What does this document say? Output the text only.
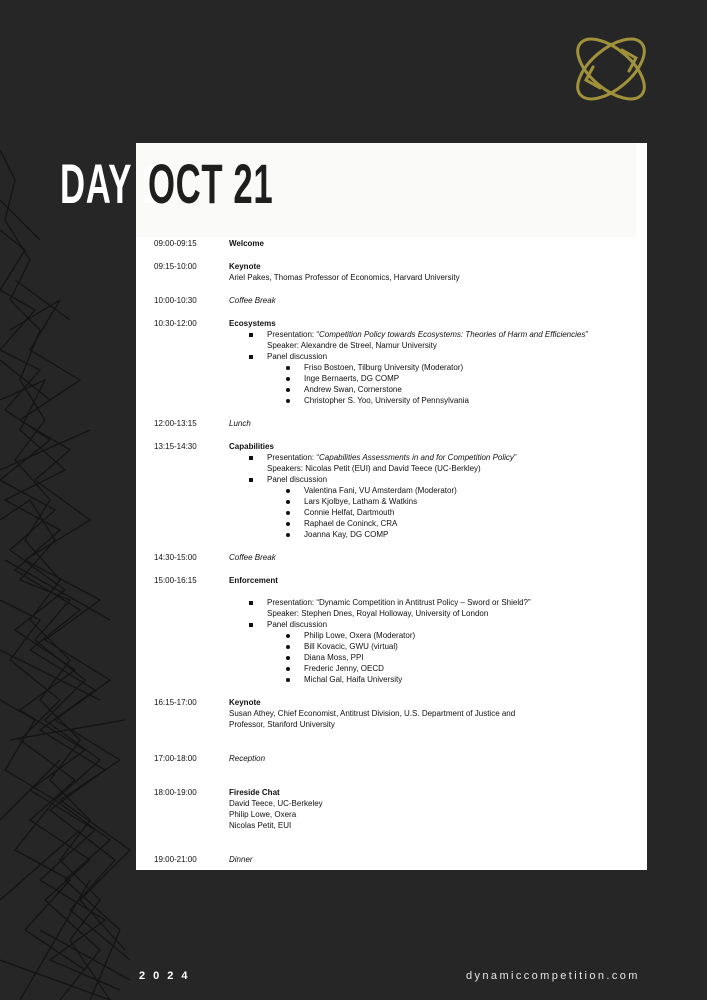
09:00-09:15	Welcome
09:15-10:00	Keynote
Ariel Pakes, Thomas Professor of Economics, Harvard University
10:00-10:30	Coffee Break
10:30-12:00	Ecosystems
Presentation: “Competition Policy towards Ecosystems: Theories of Harm and Efficiencies”
Speaker: Alexandre de Streel, Namur University
Panel discussion
Friso Bostoen, Tilburg University (Moderator)
Inge Bernaerts, DG COMP
Andrew Swan, Cornerstone
Christopher S. Yoo, University of Pennsylvania
12:00-13:15	Lunch
13:15-14:30	Capabilities
Presentation: “Capabilities Assessments in and for Competition Policy”
Speakers: Nicolas Petit (EUI) and David Teece (UC-Berkley)
Panel discussion
Valentina Fani, VU Amsterdam (Moderator)
Lars Kjolbye, Latham & Watkins
Connie Helfat, Dartmouth
Raphael de Coninck, CRA
Joanna Kay, DG COMP
14:30-15:00	Coffee Break
15:00-16:15	Enforcement
Presentation: “Dynamic Competition in Antitrust Policy – Sword or Shield?”
Speaker: Stephen Dnes, Royal Holloway, University of London
Panel discussion
Philip Lowe, Oxera (Moderator)
Bill Kovacic, GWU (virtual)
Diana Moss, PPI
Frederic Jenny, OECD
Michal Gal, Haifa University
16:15-17:00	Keynote
Susan Athey, Chief Economist, Antitrust Division, U.S. Department of Justice and
Professor, Stanford University
17:00-18:00	Reception
18:00-19:00	Fireside Chat
David Teece, UC-Berkeley
Philip Lowe, Oxera
Nicolas Petit, EUI
19:00-21:00	Dinner
DAY 1
OCT 21
2024	dynamiccompetition.com
